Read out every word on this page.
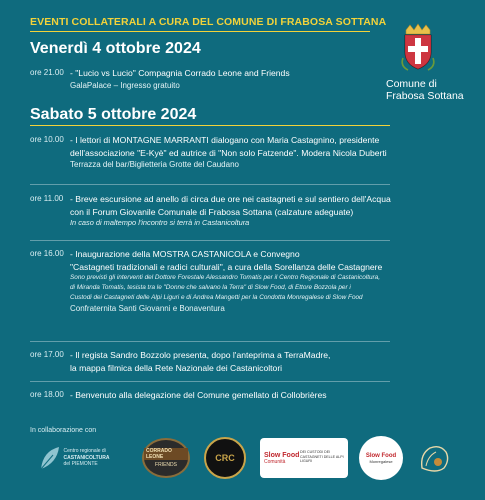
EVENTI COLLATERALI A CURA DEL COMUNE DI FRABOSA SOTTANA
Comune di
Frabosa Sottana
Venerdì 4 ottobre 2024
ore 21.00 - "Lucio vs Lucio" Compagnia Corrado Leone and Friends
GalaPalace – Ingresso gratuito
Sabato 5 ottobre 2024
ore 10.00 - I lettori di MONTAGNE MARRANTI dialogano con Maria Castagnino, presidente
dell'associazione "E-Kyè" ed autrice di "Non solo Fatzende". Modera Nicola Duberti
Terrazza del bar/Biglietteria Grotte del Caudano
ore 11.00 - Breve escursione ad anello di circa due ore nei castagneti e sul sentiero dell'Acqua
con il Forum Giovanile Comunale di Frabosa Sottana (calzature adeguate)
In caso di maltempo l'incontro si terrà in Castanicoltura
ore 16.00 - Inaugurazione della MOSTRA CASTANICOLA e Convegno
"Castagneti tradizionali e radici culturali", a cura della Sorellanza delle Castagnere
Sono previsti gli interventi del Dottore Forestale Alessandro Tomatis per il Centro Regionale di Castanicoltura,
di Miranda Tomatis, tesista tra le "Donne che salvano la Terra" di Slow Food, di Ettore Bozzola per i
Custodi dei Castagneti delle Alpi Liguri e di Andrea Mangetti per la Condotta Monregalese di Slow Food
Confraternita Santi Giovanni e Bonaventura
ore 17.00 - Il regista Sandro Bozzolo presenta, dopo l'anteprima a TerraMadre,
la mappa filmica della Rete Nazionale dei Castanicoltori
ore 18.00 - Benvenuto alla delegazione del Comune gemellato di Collobrières
In collaborazione con
Centro regionale di
CASTANICOLTURA
del PIEMONTE
CORRADO LEONE
FRIENDS
CRC	Slow Food
Comunità
DEI CUSTODI DEI CASTAGNETI DELLE ALPI LIGURI
Slow Food
Monregalese
